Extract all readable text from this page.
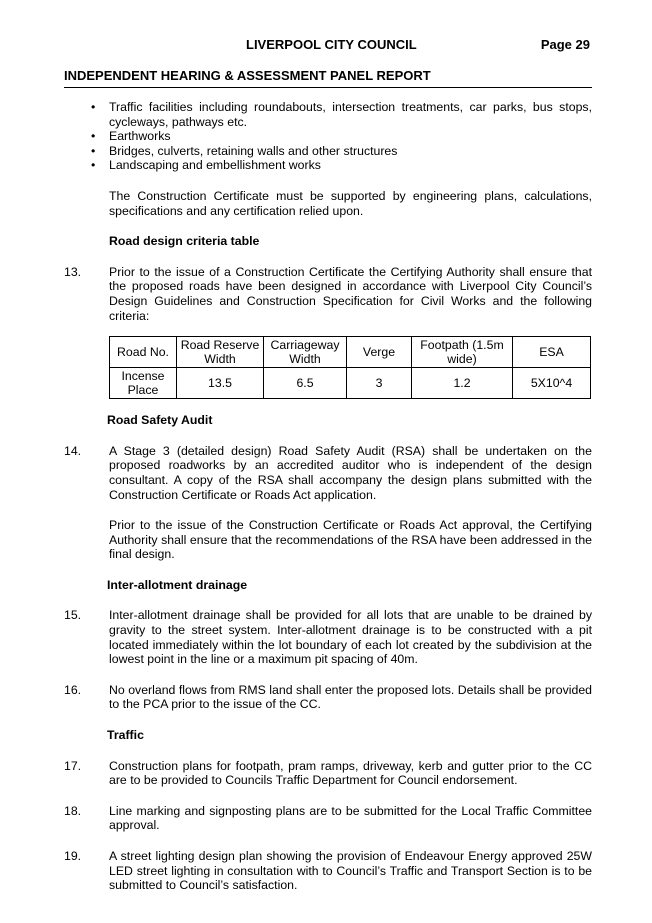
LIVERPOOL CITY COUNCIL	Page 29
INDEPENDENT HEARING & ASSESSMENT PANEL REPORT
• Traffic facilities including roundabouts, intersection treatments, car parks, bus stops, cycleways, pathways etc.
• Earthworks
• Bridges, culverts, retaining walls and other structures
• Landscaping and embellishment works
The Construction Certificate must be supported by engineering plans, calculations, specifications and any certification relied upon.
Road design criteria table
13. Prior to the issue of a Construction Certificate the Certifying Authority shall ensure that the proposed roads have been designed in accordance with Liverpool City Council’s Design Guidelines and Construction Specification for Civil Works and the following criteria:
Road No.	Road Reserve Width	Carriageway Width	Verge	Footpath (1.5m wide)	ESA
Incense Place	13.5	6.5	3	1.2	5X10^4
Road Safety Audit
14. A Stage 3 (detailed design) Road Safety Audit (RSA) shall be undertaken on the proposed roadworks by an accredited auditor who is independent of the design consultant. A copy of the RSA shall accompany the design plans submitted with the Construction Certificate or Roads Act application.
Prior to the issue of the Construction Certificate or Roads Act approval, the Certifying Authority shall ensure that the recommendations of the RSA have been addressed in the final design.
Inter-allotment drainage
15. Inter-allotment drainage shall be provided for all lots that are unable to be drained by gravity to the street system. Inter-allotment drainage is to be constructed with a pit located immediately within the lot boundary of each lot created by the subdivision at the lowest point in the line or a maximum pit spacing of 40m.
16. No overland flows from RMS land shall enter the proposed lots. Details shall be provided to the PCA prior to the issue of the CC.
Traffic
17. Construction plans for footpath, pram ramps, driveway, kerb and gutter prior to the CC are to be provided to Councils Traffic Department for Council endorsement.
18. Line marking and signposting plans are to be submitted for the Local Traffic Committee approval.
19. A street lighting design plan showing the provision of Endeavour Energy approved 25W LED street lighting in consultation with to Council’s Traffic and Transport Section is to be submitted to Council’s satisfaction.
